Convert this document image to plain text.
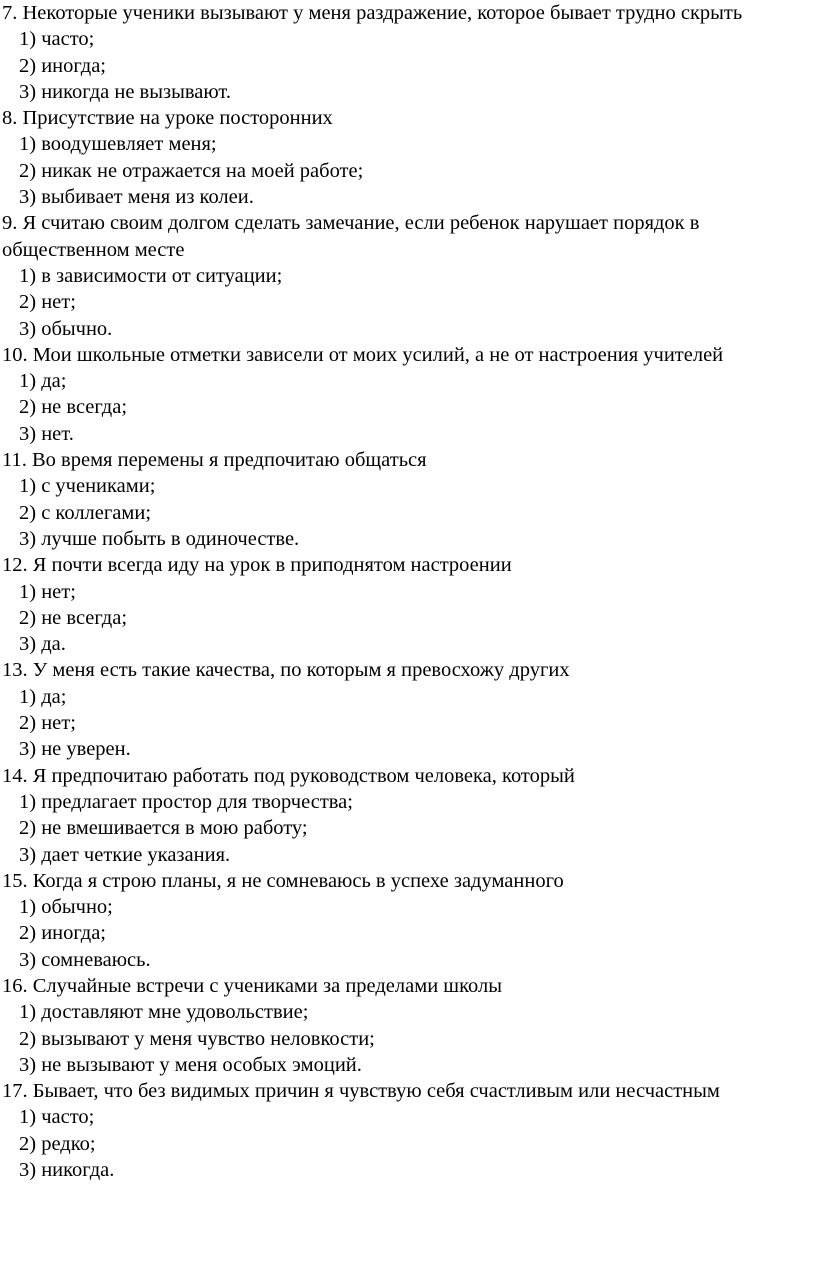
7. Некоторые ученики вызывают у меня раздражение, которое бывает трудно скрыть

1) часто;

2) иногда;

3) никогда не вызывают.

8. Присутствие на уроке посторонних

1) воодушевляет меня;

2) никак не отражается на моей работе;

3) выбивает меня из колеи.

9. Я считаю своим долгом сделать замечание, если ребенок нарушает порядок в общественном месте

1) в зависимости от ситуации;

2) нет;

3) обычно.

10. Мои школьные отметки зависели от моих усилий, а не от настроения учителей

1) да;

2) не всегда;

3) нет.

11. Во время перемены я предпочитаю общаться

1) с учениками;

2) с коллегами;

3) лучше побыть в одиночестве.

12. Я почти всегда иду на урок в приподнятом настроении

1) нет;

2) не всегда;

3) да.

13. У меня есть такие качества, по которым я превосхожу других

1) да;

2) нет;

3) не уверен.

14. Я предпочитаю работать под руководством человека, который

1) предлагает простор для творчества;

2) не вмешивается в мою работу;

3) дает четкие указания.

15. Когда я строю планы, я не сомневаюсь в успехе задуманного

1) обычно;

2) иногда;

3) сомневаюсь.

16. Случайные встречи с учениками за пределами школы

1) доставляют мне удовольствие;

2) вызывают у меня чувство неловкости;

3) не вызывают у меня особых эмоций.

17. Бывает, что без видимых причин я чувствую себя счастливым или несчастным

1) часто;

2) редко;

3) никогда.
